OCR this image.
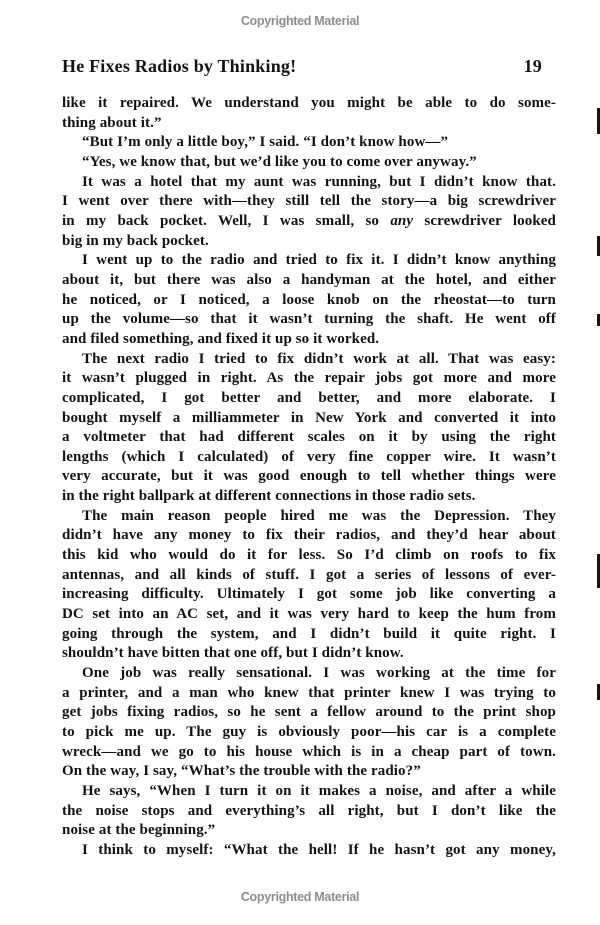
Copyrighted Material
He Fixes Radios by Thinking!	19
like it repaired. We understand you might be able to do some-
thing about it.”
“But I’m only a little boy,” I said. “I don’t know how—”
“Yes, we know that, but we’d like you to come over anyway.”
It was a hotel that my aunt was running, but I didn’t know that.
I went over there with—they still tell the story—a big screwdriver
in my back pocket. Well, I was small, so any screwdriver looked
big in my back pocket.
I went up to the radio and tried to fix it. I didn’t know anything
about it, but there was also a handyman at the hotel, and either
he noticed, or I noticed, a loose knob on the rheostat—to turn
up the volume—so that it wasn’t turning the shaft. He went off
and filed something, and fixed it up so it worked.
The next radio I tried to fix didn’t work at all. That was easy:
it wasn’t plugged in right. As the repair jobs got more and more
complicated, I got better and better, and more elaborate. I
bought myself a milliammeter in New York and converted it into
a voltmeter that had different scales on it by using the right
lengths (which I calculated) of very fine copper wire. It wasn’t
very accurate, but it was good enough to tell whether things were
in the right ballpark at different connections in those radio sets.
The main reason people hired me was the Depression. They
didn’t have any money to fix their radios, and they’d hear about
this kid who would do it for less. So I’d climb on roofs to fix
antennas, and all kinds of stuff. I got a series of lessons of ever-
increasing difficulty. Ultimately I got some job like converting a
DC set into an AC set, and it was very hard to keep the hum from
going through the system, and I didn’t build it quite right. I
shouldn’t have bitten that one off, but I didn’t know.
One job was really sensational. I was working at the time for
a printer, and a man who knew that printer knew I was trying to
get jobs fixing radios, so he sent a fellow around to the print shop
to pick me up. The guy is obviously poor—his car is a complete
wreck—and we go to his house which is in a cheap part of town.
On the way, I say, “What’s the trouble with the radio?”
He says, “When I turn it on it makes a noise, and after a while
the noise stops and everything’s all right, but I don’t like the
noise at the beginning.”
I think to myself: “What the hell! If he hasn’t got any money,
Copyrighted Material
